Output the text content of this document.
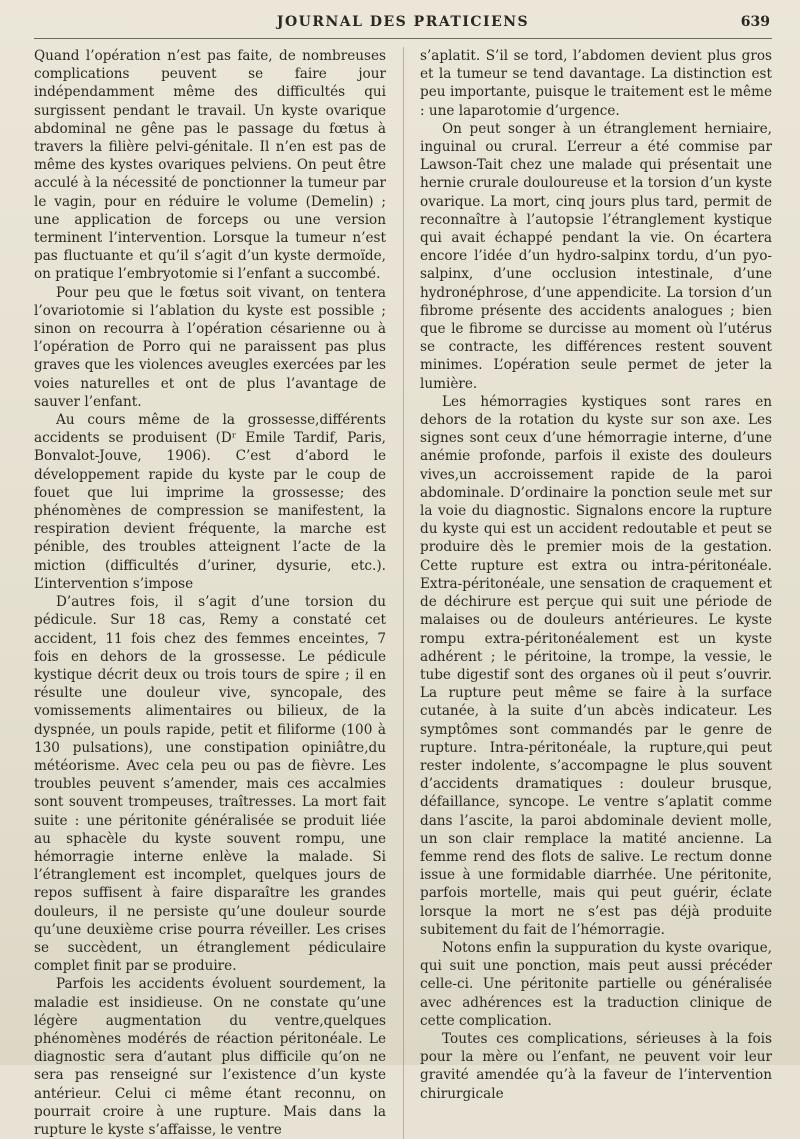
JOURNAL DES PRATICIENS	639

Quand l’opération n’est pas faite, de nombreuses complications peuvent se faire jour indépendamment même des difficultés qui surgissent pendant le travail. Un kyste ovarique abdominal ne gêne pas le passage du fœtus à travers la filière pelvi-génitale. Il n’en est pas de même des kystes ovariques pelviens. On peut être acculé à la nécessité de ponctionner la tumeur par le vagin, pour en réduire le volume (Demelin) ; une application de forceps ou une version terminent l’intervention. Lorsque la tumeur n’est pas fluctuante et qu’il s’agit d’un kyste dermoïde, on pratique l’embryotomie si l’enfant a succombé.

Pour peu que le fœtus soit vivant, on tentera l’ovariotomie si l’ablation du kyste est possible ; sinon on recourra à l’opération césarienne ou à l’opération de Porro qui ne paraissent pas plus graves que les violences aveugles exercées par les voies naturelles et ont de plus l’avantage de sauver l’enfant.

Au cours même de la grossesse,différents accidents se produisent (Dʳ Emile Tardif, Paris, Bonvalot-Jouve, 1906). C’est d’abord le développement rapide du kyste par le coup de fouet que lui imprime la grossesse; des phénomènes de compression se manifestent, la respiration devient fréquente, la marche est pénible, des troubles atteignent l’acte de la miction (difficultés d’uriner, dysurie, etc.). L’intervention s’impose

D’autres fois, il s’agit d’une torsion du pédicule. Sur 18 cas, Remy a constaté cet accident, 11 fois chez des femmes enceintes, 7 fois en dehors de la grossesse. Le pédicule kystique décrit deux ou trois tours de spire ; il en résulte une douleur vive, syncopale, des vomissements alimentaires ou bilieux, de la dyspnée, un pouls rapide, petit et filiforme (100 à 130 pulsations), une constipation opiniâtre,du météorisme. Avec cela peu ou pas de fièvre. Les troubles peuvent s’amender, mais ces accalmies sont souvent trompeuses, traîtresses. La mort fait suite : une péritonite généralisée se produit liée au sphacèle du kyste souvent rompu, une hémorragie interne enlève la malade. Si l’étranglement est incomplet, quelques jours de repos suffisent à faire disparaître les grandes douleurs, il ne persiste qu’une douleur sourde qu’une deuxième crise pourra réveiller. Les crises se succèdent, un étranglement pédiculaire complet finit par se produire.

Parfois les accidents évoluent sourdement, la maladie est insidieuse. On ne constate qu’une légère augmentation du ventre,quelques phénomènes modérés de réaction péritonéale. Le diagnostic sera d’autant plus difficile qu’on ne sera pas renseigné sur l’existence d’un kyste antérieur. Celui ci même étant reconnu, on pourrait croire à une rupture. Mais dans la rupture le kyste s’affaisse, le ventre

s’aplatit. S’il se tord, l’abdomen devient plus gros et la tumeur se tend davantage. La distinction est peu importante, puisque le traitement est le même : une laparotomie d’urgence.

On peut songer à un étranglement herniaire, inguinal ou crural. L’erreur a été commise par Lawson-Tait chez une malade qui présentait une hernie crurale douloureuse et la torsion d’un kyste ovarique. La mort, cinq jours plus tard, permit de reconnaître à l’autopsie l’étranglement kystique qui avait échappé pendant la vie. On écartera encore l’idée d’un hydro-salpinx tordu, d’un pyo-salpinx, d’une occlusion intestinale, d’une hydronéphrose, d’une appendicite. La torsion d’un fibrome présente des accidents analogues ; bien que le fibrome se durcisse au moment où l’utérus se contracte, les différences restent souvent minimes. L’opération seule permet de jeter la lumière.

Les hémorragies kystiques sont rares en dehors de la rotation du kyste sur son axe. Les signes sont ceux d’une hémorragie interne, d’une anémie profonde, parfois il existe des douleurs vives,un accroissement rapide de la paroi abdominale. D’ordinaire la ponction seule met sur la voie du diagnostic. Signalons encore la rupture du kyste qui est un accident redoutable et peut se produire dès le premier mois de la gestation. Cette rupture est extra ou intra-péritonéale. Extra-péritonéale, une sensation de craquement et de déchirure est perçue qui suit une période de malaises ou de douleurs antérieures. Le kyste rompu extra-péritonéalement est un kyste adhérent ; le péritoine, la trompe, la vessie, le tube digestif sont des organes où il peut s’ouvrir. La rupture peut même se faire à la surface cutanée, à la suite d’un abcès indicateur. Les symptômes sont commandés par le genre de rupture. Intra-péritonéale, la rupture,qui peut rester indolente, s’accompagne le plus souvent d’accidents dramatiques : douleur brusque, défaillance, syncope. Le ventre s’aplatit comme dans l’ascite, la paroi abdominale devient molle, un son clair remplace la matité ancienne. La femme rend des flots de salive. Le rectum donne issue à une formidable diarrhée. Une péritonite, parfois mortelle, mais qui peut guérir, éclate lorsque la mort ne s’est pas déjà produite subitement du fait de l’hémorragie.

Notons enfin la suppuration du kyste ovarique, qui suit une ponction, mais peut aussi précéder celle-ci. Une péritonite partielle ou généralisée avec adhérences est la traduction clinique de cette complication.

Toutes ces complications, sérieuses à la fois pour la mère ou l’enfant, ne peuvent voir leur gravité amendée qu’à la faveur de l’intervention chirurgicale
